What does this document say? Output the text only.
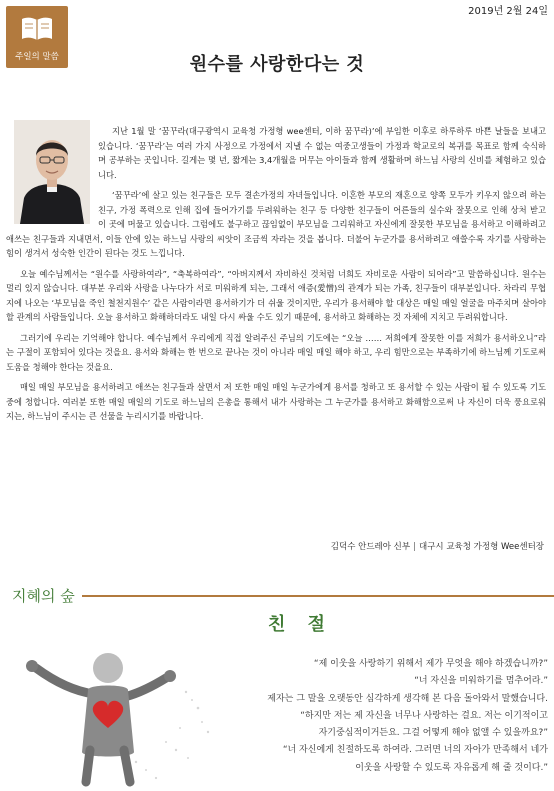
2019년 2월 24일
주일의 말씀	원수를 사랑한다는 것

지난 1월 말 ‘꿈꾸라(대구광역시 교육청 가정형 wee센터, 이하 꿈꾸라)’에 부임한 이후로 하루하루 바쁜 날들을 보내고 있습니다. ‘꿈꾸라’는 여러 가지 사정으로 가정에서 지낼 수 없는 여중고생들이 가정과 학교로의 복귀를 목표로 함께 숙식하며 공부하는 곳입니다. 길게는 몇 년, 짧게는 3,4개월을 머무는 아이들과 함께 생활하며 하느님 사랑의 신비를 체험하고 있습니다.

‘꿈꾸라’에 살고 있는 친구들은 모두 결손가정의 자녀들입니다. 이혼한 부모의 재혼으로 양쪽 모두가 키우지 않으려 하는 친구, 가정 폭력으로 인해 집에 들어가기를 두려워하는 친구 등 다양한 친구들이 어른들의 실수와 잘못으로 인해 상처 받고 이 곳에 머물고 있습니다. 그럼에도 불구하고 끊임없이 부모님을 그리워하고 자신에게 잘못한 부모님을 용서하고 이해하려고 애쓰는 친구들과 지내면서, 이들 안에 있는 하느님 사랑의 씨앗이 조금씩 자라는 것을 봅니다. 더불어 누군가를 용서하려고 애쓸수록 자기를 사랑하는 힘이 생겨서 성숙한 인간이 된다는 것도 느낍니다.

오늘 예수님께서는 “원수를 사랑하여라”, “축복하여라”, “아버지께서 자비하신 것처럼 너희도 자비로운 사람이 되어라”고 말씀하십니다. 원수는 멀리 있지 않습니다. 대부분 우리와 사랑을 나누다가 서로 미워하게 되는, 그래서 애증(愛憎)의 관계가 되는 가족, 친구들이 대부분입니다. 차라리 무협지에 나오는 ‘부모님을 죽인 철천지원수’ 같은 사람이라면 용서하기가 더 쉬울 것이지만, 우리가 용서해야 할 대상은 매일 매일 얼굴을 마주치며 살아야 할 관계의 사람들입니다. 오늘 용서하고 화해하더라도 내일 다시 싸울 수도 있기 때문에, 용서하고 화해하는 것 자체에 지치고 두려워합니다.

그러기에 우리는 기억해야 합니다. 예수님께서 우리에게 직접 알려주신 주님의 기도에는 “오늘 …… 저희에게 잘못한 이를 저희가 용서하오니”라는 구절이 포함되어 있다는 것을요. 용서와 화해는 한 번으로 끝나는 것이 아니라 매일 매일 해야 하고, 우리 힘만으로는 부족하기에 하느님께 기도로써 도움을 청해야 한다는 것을요.

매일 매일 부모님을 용서하려고 애쓰는 친구들과 살면서 저 또한 매일 매일 누군가에게 용서를 청하고 또 용서할 수 있는 사람이 될 수 있도록 기도 중에 청합니다. 여러분 또한 매일 매일의 기도로 하느님의 은총을 통해서 내가 사랑하는 그 누군가를 용서하고 화해함으로써 나 자신이 더욱 풍요로워지는, 하느님이 주시는 큰 선물을 누리시기를 바랍니다.

김덕수 안드레아 신부 | 대구시 교육청 가정형 Wee센터장
지혜의 숲
친 절
“제 이웃을 사랑하기 위해서 제가 무엇을 해야 하겠습니까?”
“너 자신을 미워하기를 멈추어라.”
제자는 그 말을 오랫동안 심각하게 생각해 본 다음 돌아와서 말했습니다.
“하지만 저는 제 자신을 너무나 사랑하는 걸요. 저는 이기적이고
자기중심적이거든요. 그걸 어떻게 해야 없앨 수 있을까요?”
“너 자신에게 친절하도록 하여라. 그러면 너의 자아가 만족해서 네가
이웃을 사랑할 수 있도록 자유롭게 해 줄 것이다.”
